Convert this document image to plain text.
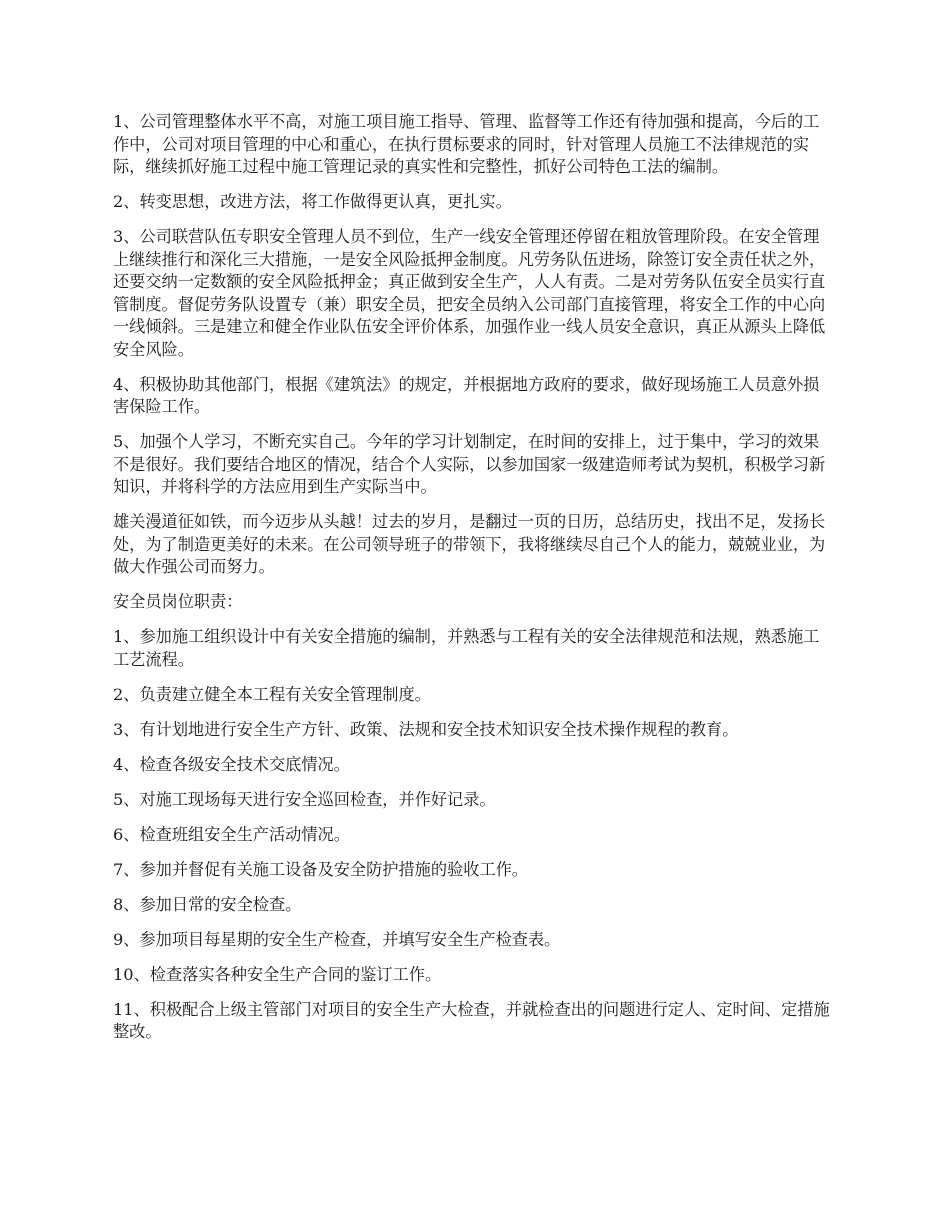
1、公司管理整体水平不高，对施工项目施工指导、管理、监督等工作还有待加强和提高，今后的工作中，公司对项目管理的中心和重心，在执行贯标要求的同时，针对管理人员施工不法律规范的实际，继续抓好施工过程中施工管理记录的真实性和完整性，抓好公司特色工法的编制。

2、转变思想，改进方法，将工作做得更认真，更扎实。

3、公司联营队伍专职安全管理人员不到位，生产一线安全管理还停留在粗放管理阶段。在安全管理上继续推行和深化三大措施，一是安全风险抵押金制度。凡劳务队伍进场，除签订安全责任状之外，还要交纳一定数额的安全风险抵押金；真正做到安全生产，人人有责。二是对劳务队伍安全员实行直管制度。督促劳务队设置专（兼）职安全员，把安全员纳入公司部门直接管理，将安全工作的中心向一线倾斜。三是建立和健全作业队伍安全评价体系，加强作业一线人员安全意识，真正从源头上降低安全风险。

4、积极协助其他部门，根据《建筑法》的规定，并根据地方政府的要求，做好现场施工人员意外损害保险工作。

5、加强个人学习，不断充实自己。今年的学习计划制定，在时间的安排上，过于集中，学习的效果不是很好。我们要结合地区的情况，结合个人实际，以参加国家一级建造师考试为契机，积极学习新知识，并将科学的方法应用到生产实际当中。

雄关漫道征如铁，而今迈步从头越！过去的岁月，是翻过一页的日历，总结历史，找出不足，发扬长处，为了制造更美好的未来。在公司领导班子的带领下，我将继续尽自己个人的能力，兢兢业业，为做大作强公司而努力。

安全员岗位职责：

1、参加施工组织设计中有关安全措施的编制，并熟悉与工程有关的安全法律规范和法规，熟悉施工工艺流程。

2、负责建立健全本工程有关安全管理制度。

3、有计划地进行安全生产方针、政策、法规和安全技术知识安全技术操作规程的教育。

4、检查各级安全技术交底情况。

5、对施工现场每天进行安全巡回检查，并作好记录。

6、检查班组安全生产活动情况。

7、参加并督促有关施工设备及安全防护措施的验收工作。

8、参加日常的安全检查。

9、参加项目每星期的安全生产检查，并填写安全生产检查表。

10、检查落实各种安全生产合同的鉴订工作。

11、积极配合上级主管部门对项目的安全生产大检查，并就检查出的问题进行定人、定时间、定措施整改。
